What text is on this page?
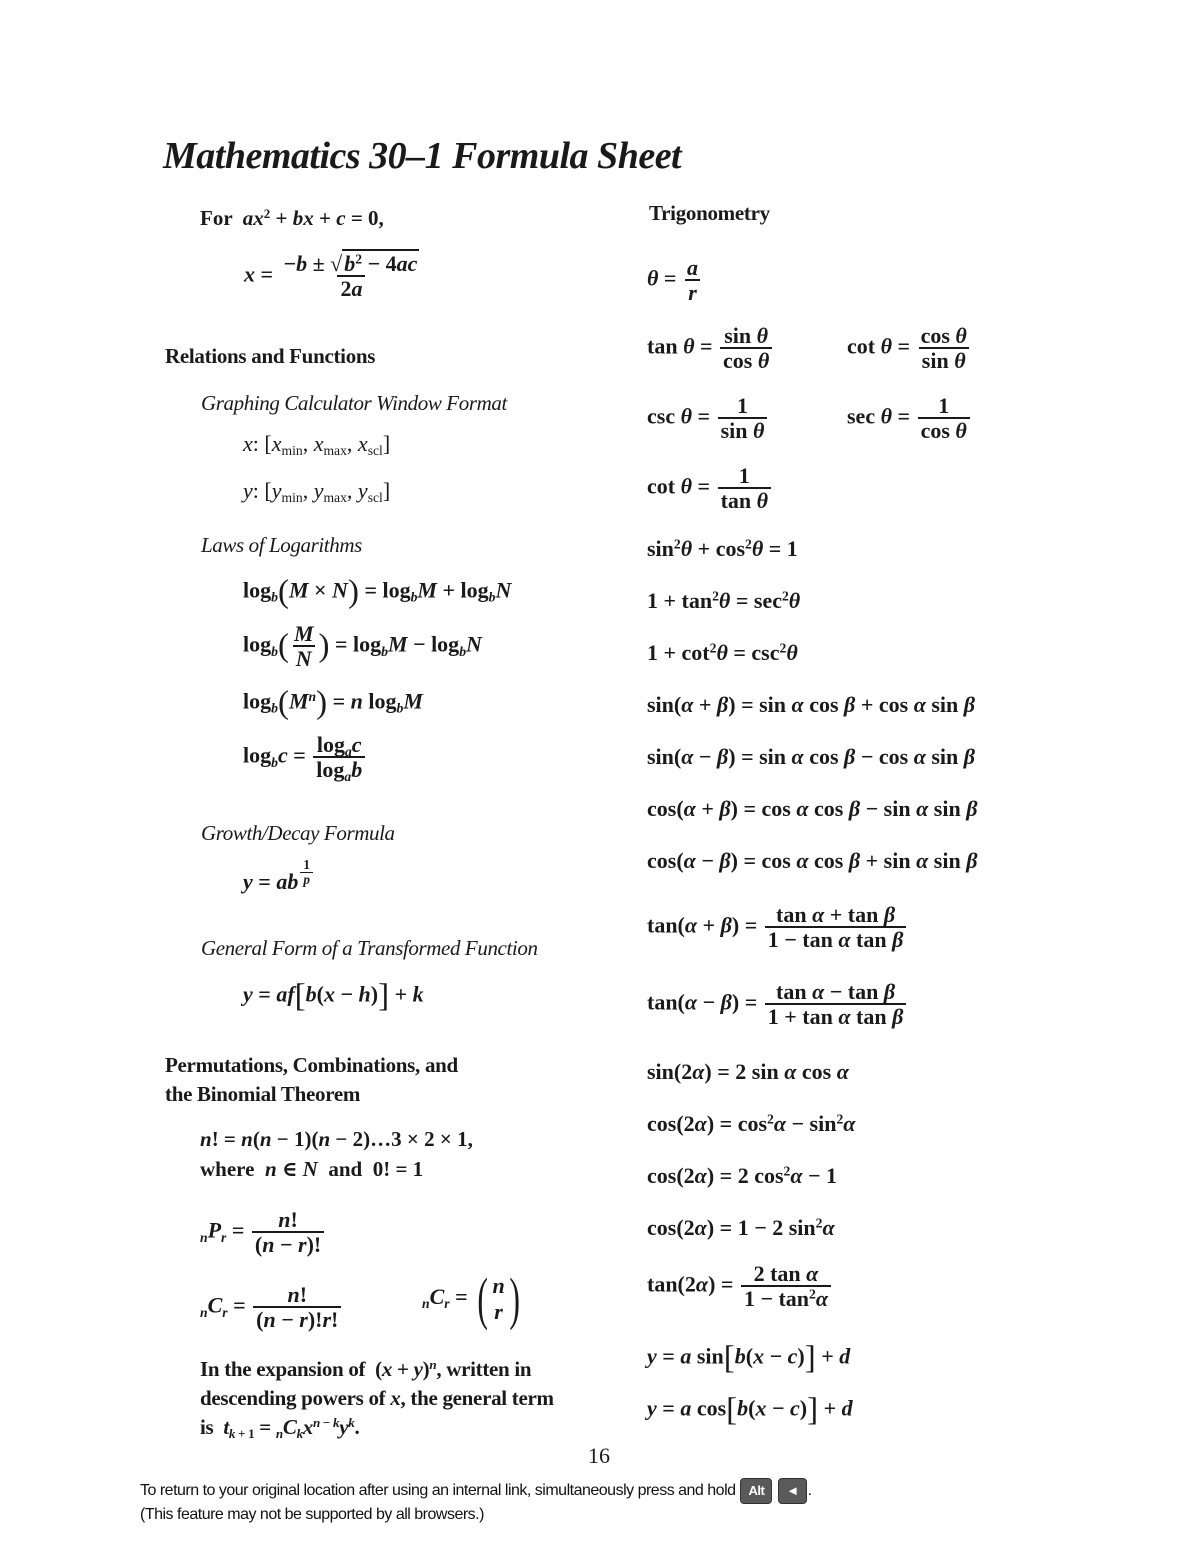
Mathematics 30–1 Formula Sheet
For $ax^2$ + bx + c = 0,
$x = \frac{-b \pm √b^2 - 4ac}{2a}$
Relations and Functions
Graphing Calculator Window Format
x: [$x_{min}$, $x_{max}$, $x_{scl}$]
y: [$y_{min}$, $y_{max}$, $y_{scl}$]
Laws of Logarithms
$\log_b(M \times N) = \log_bM + \log_bN$
$\log_b( \frac{M}{N}$ ) = $\log_bM - \log_bN$
$\log_b(M^n) = n$ $\log_bM$
$\log_bc = \frac{\log_ac}{\log_ab}$
Growth/Decay Formula
y = ab $^{\frac{1}{p}}$
General Form of a Transformed Function
y = af[b(x − h)] + k
Permutations, Combinations, and
the Binomial Theorem
n! = n(n − 1)(n − 2)…3 × 2 × 1,
where n ∈ N and  0! = 1
$_nP_r = \frac{n!}{(n - r)!}$
$_nC_r = \frac{n!}{(n - r)!r!}$	$_nC_r$ = ( n
r )
In the expansion of  $(x + y)^n$, written in
descending powers of x, the general term
is $t_{k + 1} = _nC_kx^{n - k}y^k$.
Trigonometry
$\theta = \frac{a}{r}$
$\tan \theta = \frac{\text{sin θ}}{\text{cos θ}}$	$\cot \theta = \frac{\text{cos θ}}{\text{sin θ}}$
$\csc \theta = \frac{1}{\text{sin θ}}$	$\sec \theta = \frac{1}{\text{cos θ}}$
$\cot \theta = \frac{1}{\text{tan θ}}$
$\sin^2\theta + \cos^2\theta = 1$
$1 + \tan^2\theta = \sec^2\theta$
$1 + \cot^2\theta = \csc^2\theta$
sin(α + β) = sin α cos β + cos α sin β
sin(α − β) = sin α cos β − cos α sin β
cos(α + β) = cos α cos β − sin α sin β
cos(α − β) = cos α cos β + sin α sin β
$\tan(\alpha + \beta) = \frac{\text{tan α + tan β}}{\text{1 − tan α tan β}}$
$\tan(\alpha - \beta) = \frac{\text{tan α − tan β}}{\text{1 + tan α tan β}}$
sin(2α) = 2 sin α cos α
$\cos(2\alpha) = \cos^2\alpha - \sin^2\alpha$
cos(2α) = 2 $\cos^2\alpha - 1$
cos(2α) = 1 − 2 $\sin^2\alpha$
$\tan(2\alpha) = \frac{\text{2 tan α}}{1 - \tan^2\alpha}$
y = a sin[b(x − c)] + d
y = a cos[b(x − c)] + d
16
To return to your original location after using an internal link, simultaneously press and hold Alt ◄ .
(This feature may not be supported by all browsers.)
